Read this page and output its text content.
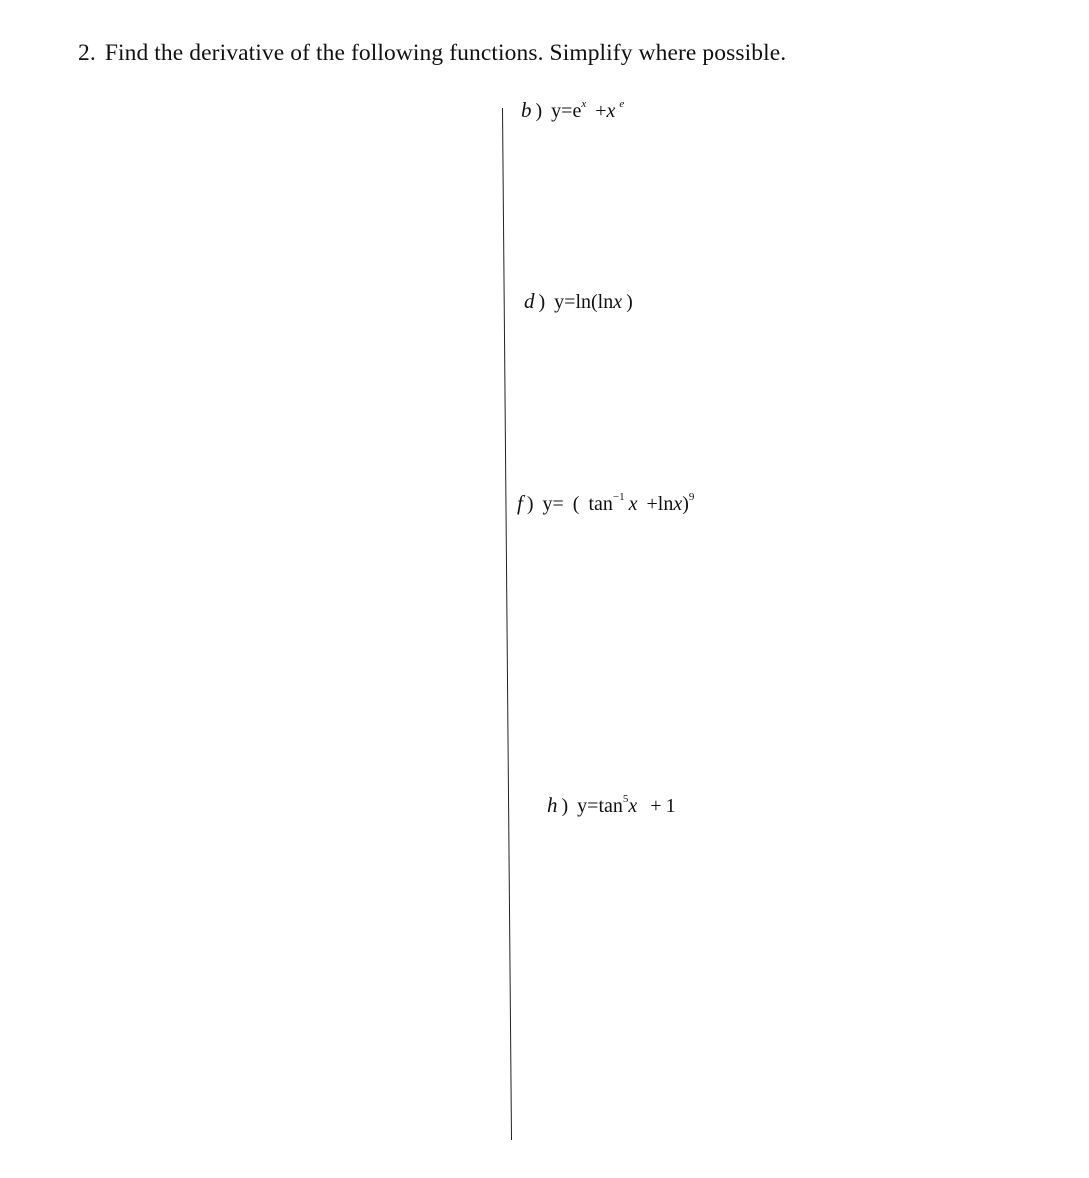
2. Find the derivative of the following functions. Simplify where possible.
b ) $y=e^x +x$ $^e$
d ) y=ln(lnx )
f ) y= ( $\tan^{-1} x +\ln x)^9$
h ) $y=\tan^5x + 1$
